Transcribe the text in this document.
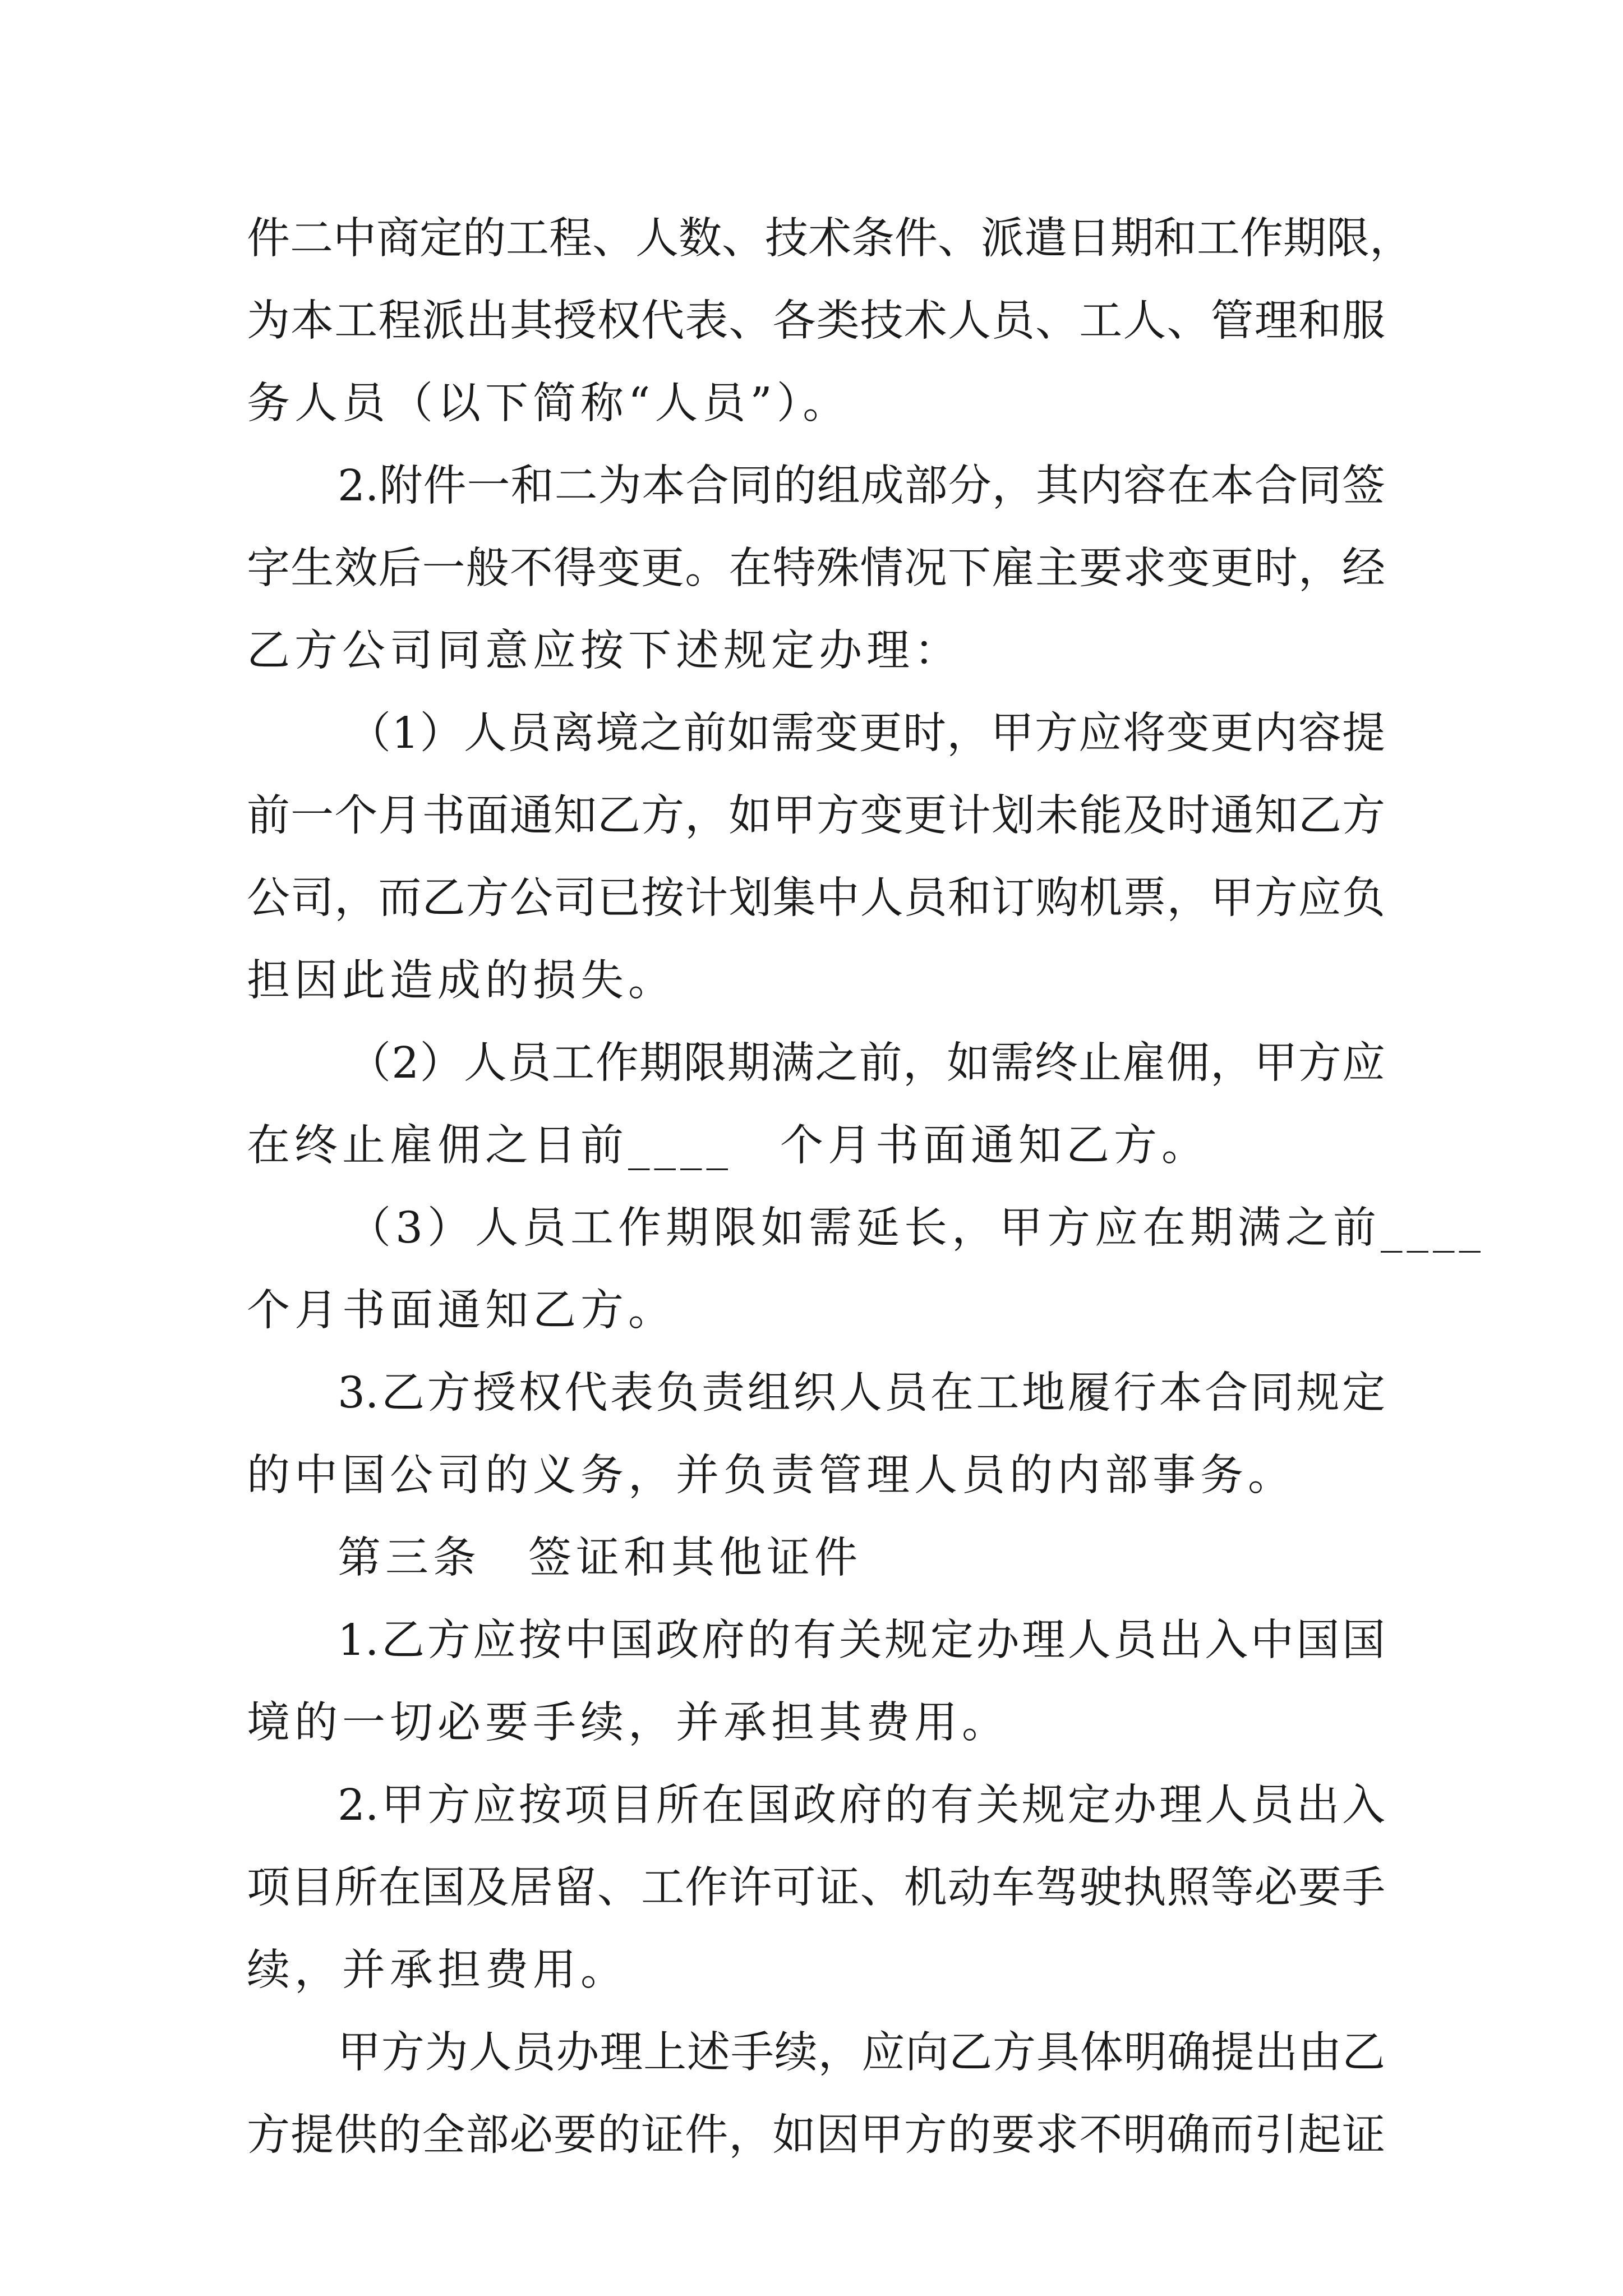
件二中商定的工程、人数、技术条件、派遣日期和工作期限，
为本工程派出其授权代表、各类技术人员、工人、管理和服
务人员（以下简称“人员”）。
2.附件一和二为本合同的组成部分，其内容在本合同签
字生效后一般不得变更。在特殊情况下雇主要求变更时，经
乙方公司同意应按下述规定办理：
（1）人员离境之前如需变更时，甲方应将变更内容提
前一个月书面通知乙方，如甲方变更计划未能及时通知乙方
公司，而乙方公司已按计划集中人员和订购机票，甲方应负
担因此造成的损失。
（2）人员工作期限期满之前，如需终止雇佣，甲方应
在终止雇佣之日前____　个月书面通知乙方。
（3）人员工作期限如需延长，甲方应在期满之前____
个月书面通知乙方。
3.乙方授权代表负责组织人员在工地履行本合同规定
的中国公司的义务，并负责管理人员的内部事务。
第三条　签证和其他证件
1.乙方应按中国政府的有关规定办理人员出入中国国
境的一切必要手续，并承担其费用。
2.甲方应按项目所在国政府的有关规定办理人员出入
项目所在国及居留、工作许可证、机动车驾驶执照等必要手
续，并承担费用。
甲方为人员办理上述手续，应向乙方具体明确提出由乙
方提供的全部必要的证件，如因甲方的要求不明确而引起证
